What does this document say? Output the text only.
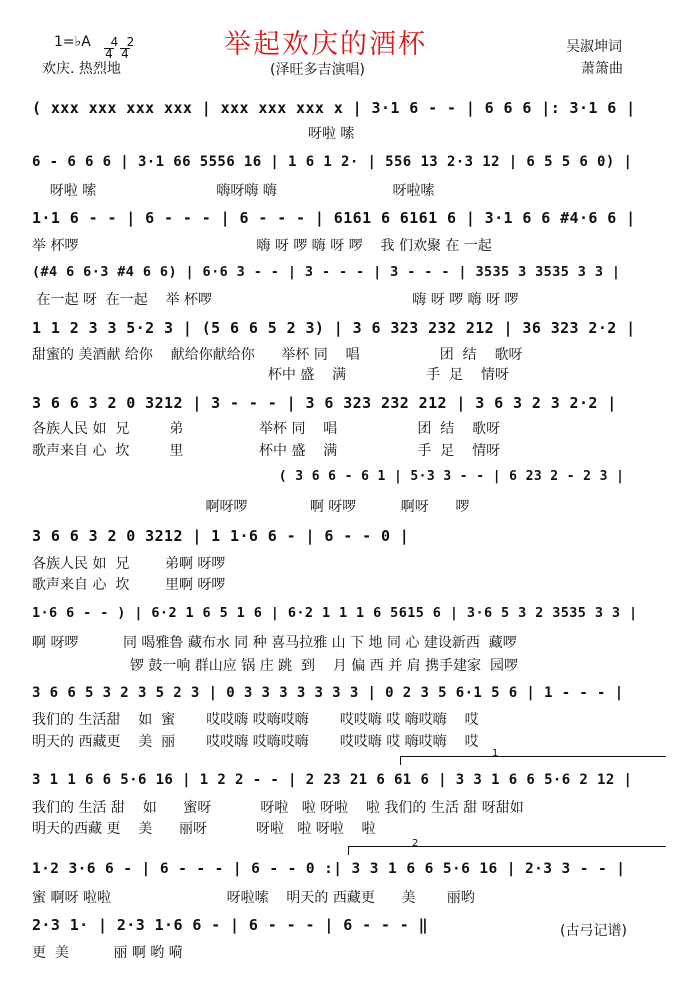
1=♭A	4

4

2

4

欢庆. 热烈地
举起欢庆的酒杯
(泽旺多吉演唱)
吴淑坤词
萧箫曲
( xxx xxx xxx xxx | xxx xxx xxx x | 3·1 6 - - | 6 6 6 |: 3·1 6 |
呀啦 嗦
6 - 6 6 6 | 3·1 66 5556 16 | 1 6 1 2· | 556 13 2·3 12 | 6 5 5 6 0) |
呀啦 嗦                           嗨呀嗨 嗨                          呀啦嗦
1·1 6 - - | 6 - - - | 6 - - - | 6161 6 6161 6 | 3·1 6 6 #4·6 6 |
举 杯啰                                        嗨 呀 啰 嗨 呀 啰    我 们欢聚 在 一起
(#4 6 6·3 #4 6 6) | 6·6 3 - - | 3 - - - | 3 - - - | 3535 3 3535 3 3 |
在一起 呀  在一起    举 杯啰                                             嗨 呀 啰 嗨 呀 啰
1 1 2 3 3 5·2 3 | (5 6 6 5 2 3) | 3 6 323 232 212 | 36 323 2·2 |
甜蜜的 美酒献 给你    献给你献给你      举杯 同    唱                  团  结    歌呀
杯中 盛    满                  手  足    情呀
3 6 6 3 2 0 3212 | 3 - - - | 3 6 323 232 212 | 3 6 3 2 3 2·2 |
各族人民 如  兄         弟                 举杯 同    唱                  团  结    歌呀
歌声来自 心  坎         里                 杯中 盛    满                  手  足    情呀
( 3 6 6 - 6 1 | 5·3 3 - - | 6 23 2 - 2 3 |
啊呀啰              啊 呀啰          啊呀      啰
3 6 6 3 2 0 3212 | 1 1·6 6 - | 6 - - 0 |
各族人民 如  兄        弟啊 呀啰
歌声来自 心  坎        里啊 呀啰
1·6 6 - - ) | 6·2 1 6 5 1 6 | 6·2 1 1 1 6 5615 6 | 3·6 5 3 2 3535 3 3 |
啊 呀啰          同 喝雅鲁 藏布水 同 种 喜马拉雅 山 下 地 同 心 建设新西  藏啰
锣 鼓一响 群山应 锅 庄 跳  到    月 偏 西 并 肩 携手建家  园啰
3 6 6 5 3 2 3 5 2 3 | 0 3 3 3 3 3 3 3 | 0 2 3 5 6·1 5 6 | 1 - - - |
我们的 生活甜    如  蜜       哎哎嗨 哎嗨哎嗨       哎哎嗨 哎 嗨哎嗨    哎
明天的 西藏更    美  丽       哎哎嗨 哎嗨哎嗨       哎哎嗨 哎 嗨哎嗨    哎
1
3 1 1 6 6 5·6 16 | 1 2 2 - - | 2 23 21 6 61 6 | 3 3 1 6 6 5·6 2 12 |
我们的 生活 甜    如      蜜呀           呀啦   啦 呀啦    啦 我们的 生活 甜 呀甜如
明天的西藏 更    美      丽呀           呀啦   啦 呀啦    啦
2
1·2 3·6 6 - | 6 - - - | 6 - - 0 :| 3 3 1 6 6 5·6 16 | 2·3 3 - - |
蜜 啊呀 啦啦                          呀啦嗦    明天的 西藏更      美       丽哟
2·3 1· | 2·3 1·6 6 - | 6 - - - | 6 - - - ‖
更  美          丽 啊 哟 嗬
(古弓记谱)
